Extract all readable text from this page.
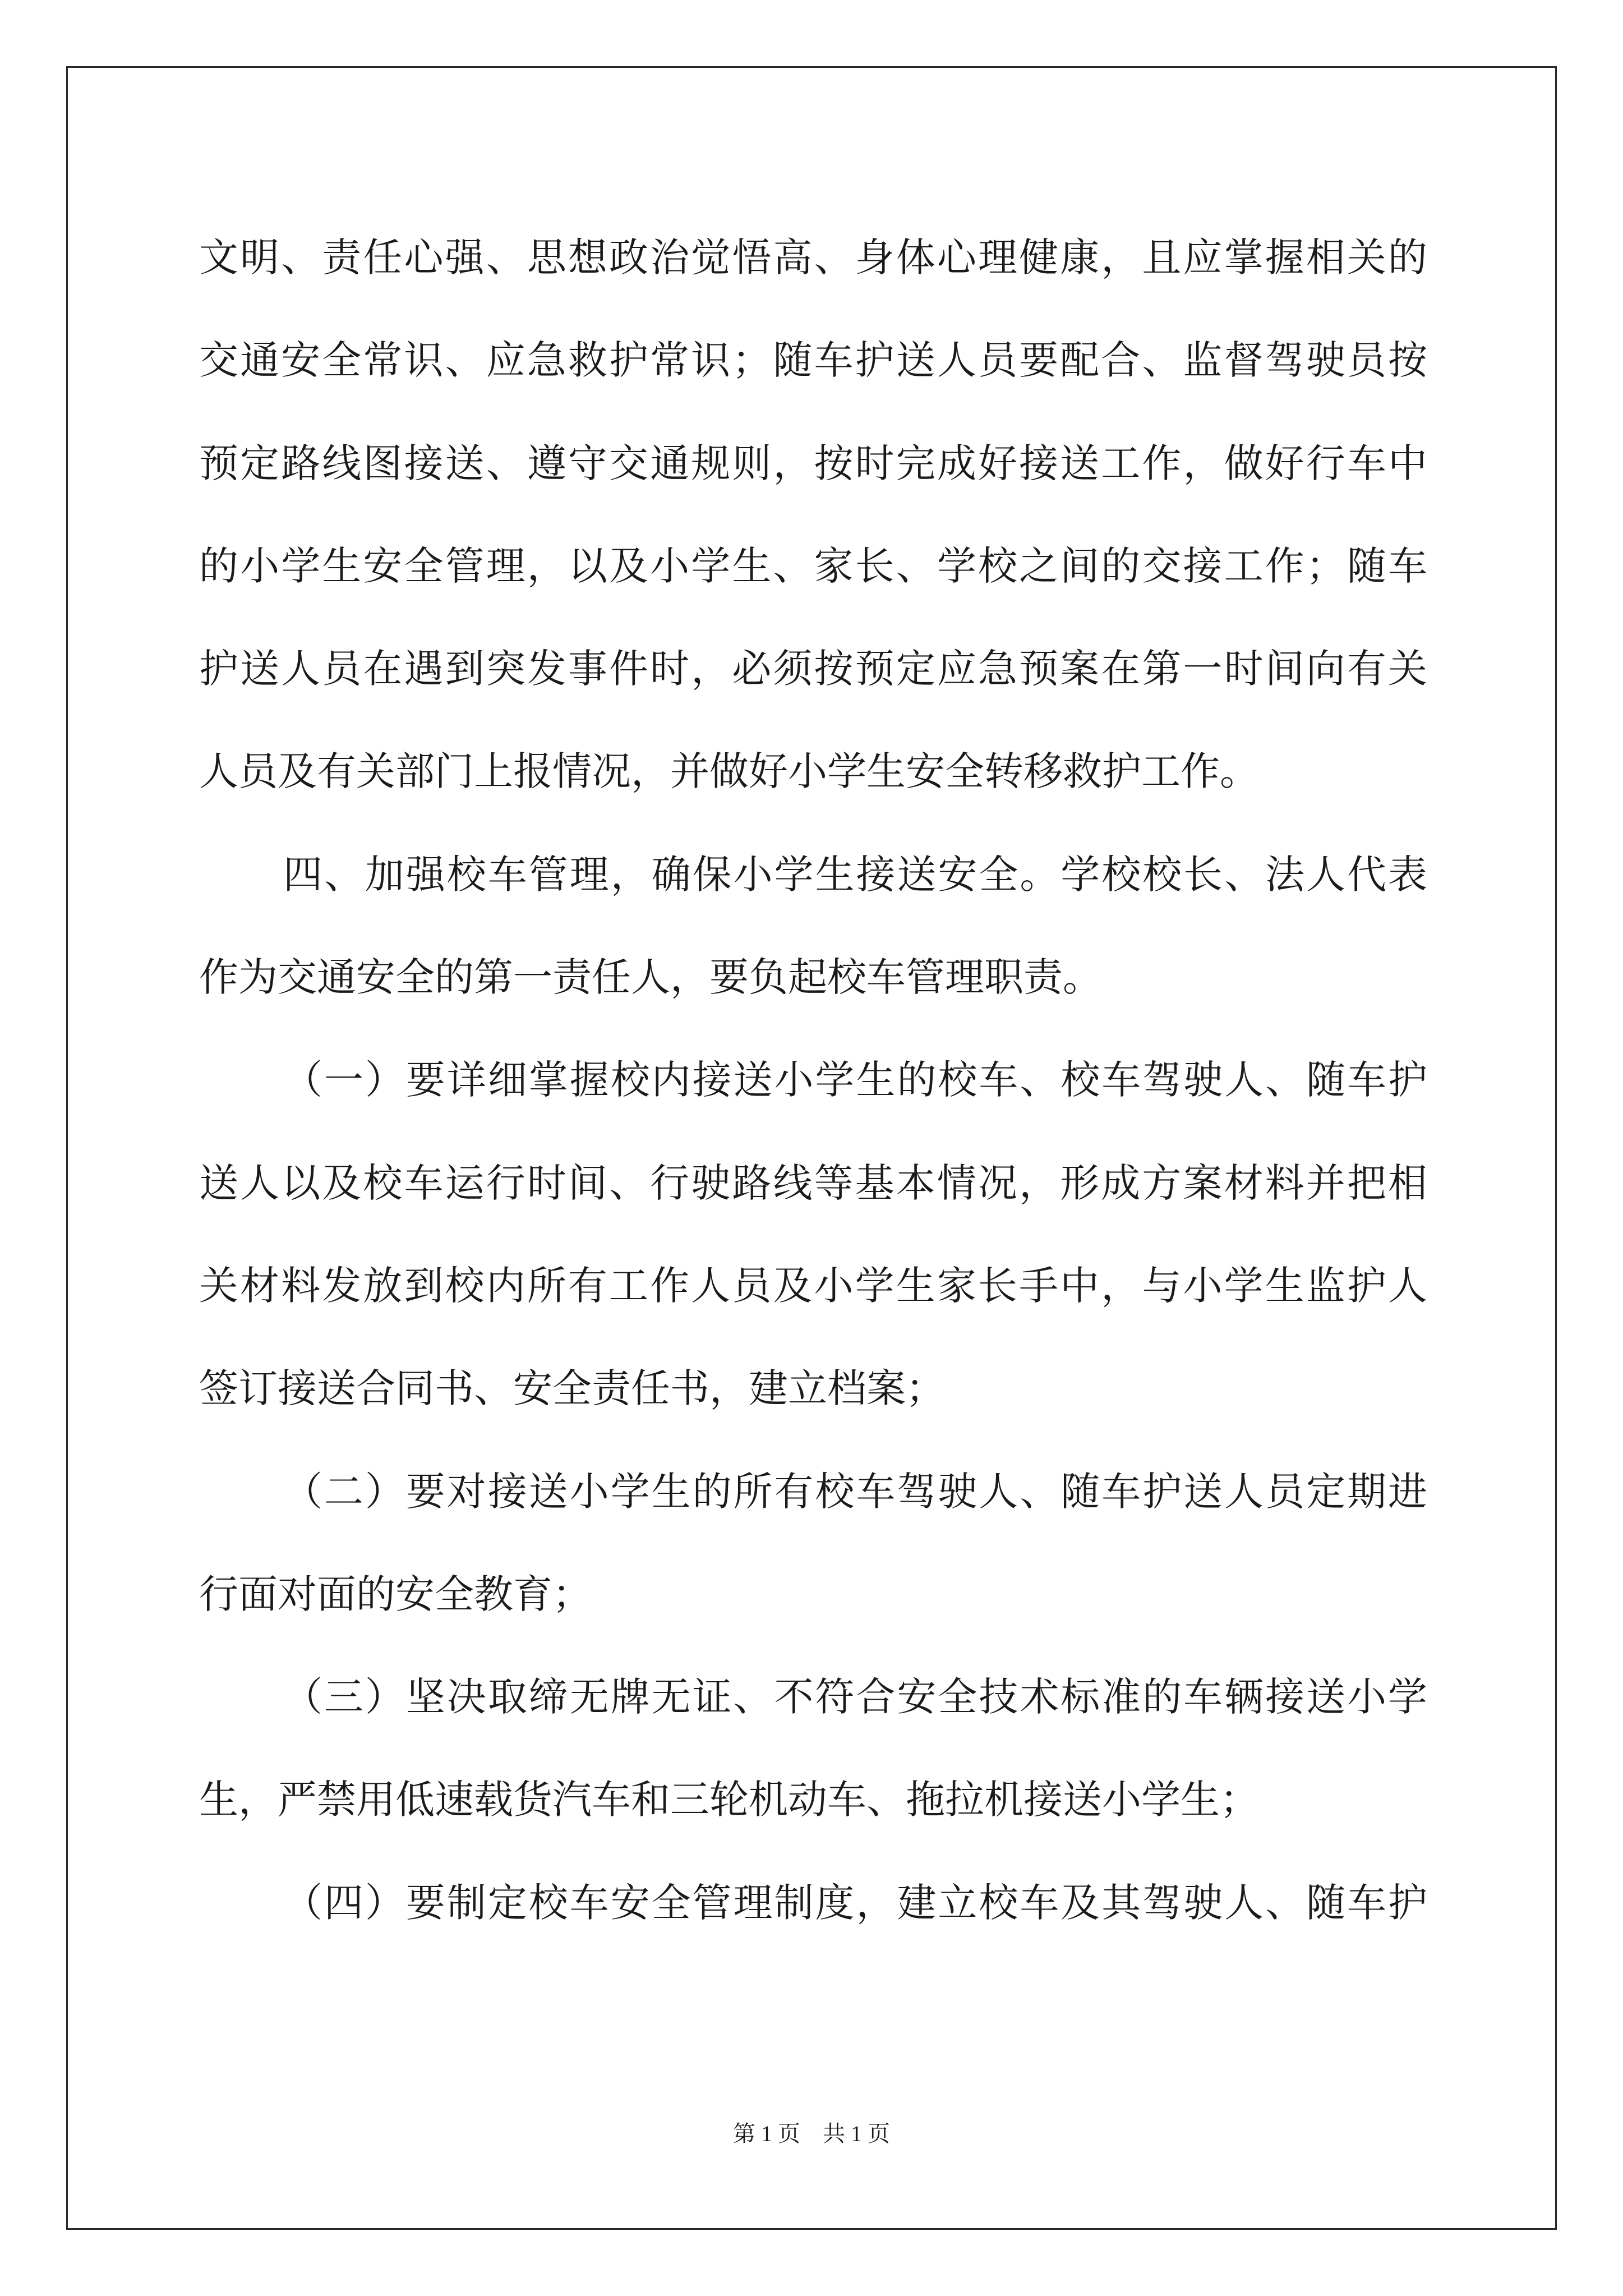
文明、责任心强、思想政治觉悟高、身体心理健康，且应掌握相关的
交通安全常识、应急救护常识；随车护送人员要配合、监督驾驶员按
预定路线图接送、遵守交通规则，按时完成好接送工作，做好行车中
的小学生安全管理，以及小学生、家长、学校之间的交接工作；随车
护送人员在遇到突发事件时，必须按预定应急预案在第一时间向有关
人员及有关部门上报情况，并做好小学生安全转移救护工作。
四、加强校车管理，确保小学生接送安全。学校校长、法人代表
作为交通安全的第一责任人，要负起校车管理职责。
（一）要详细掌握校内接送小学生的校车、校车驾驶人、随车护
送人以及校车运行时间、行驶路线等基本情况，形成方案材料并把相
关材料发放到校内所有工作人员及小学生家长手中，与小学生监护人
签订接送合同书、安全责任书，建立档案；
（二）要对接送小学生的所有校车驾驶人、随车护送人员定期进
行面对面的安全教育；
（三）坚决取缔无牌无证、不符合安全技术标准的车辆接送小学
生，严禁用低速载货汽车和三轮机动车、拖拉机接送小学生；
（四）要制定校车安全管理制度，建立校车及其驾驶人、随车护
第 1 页　共 1 页
